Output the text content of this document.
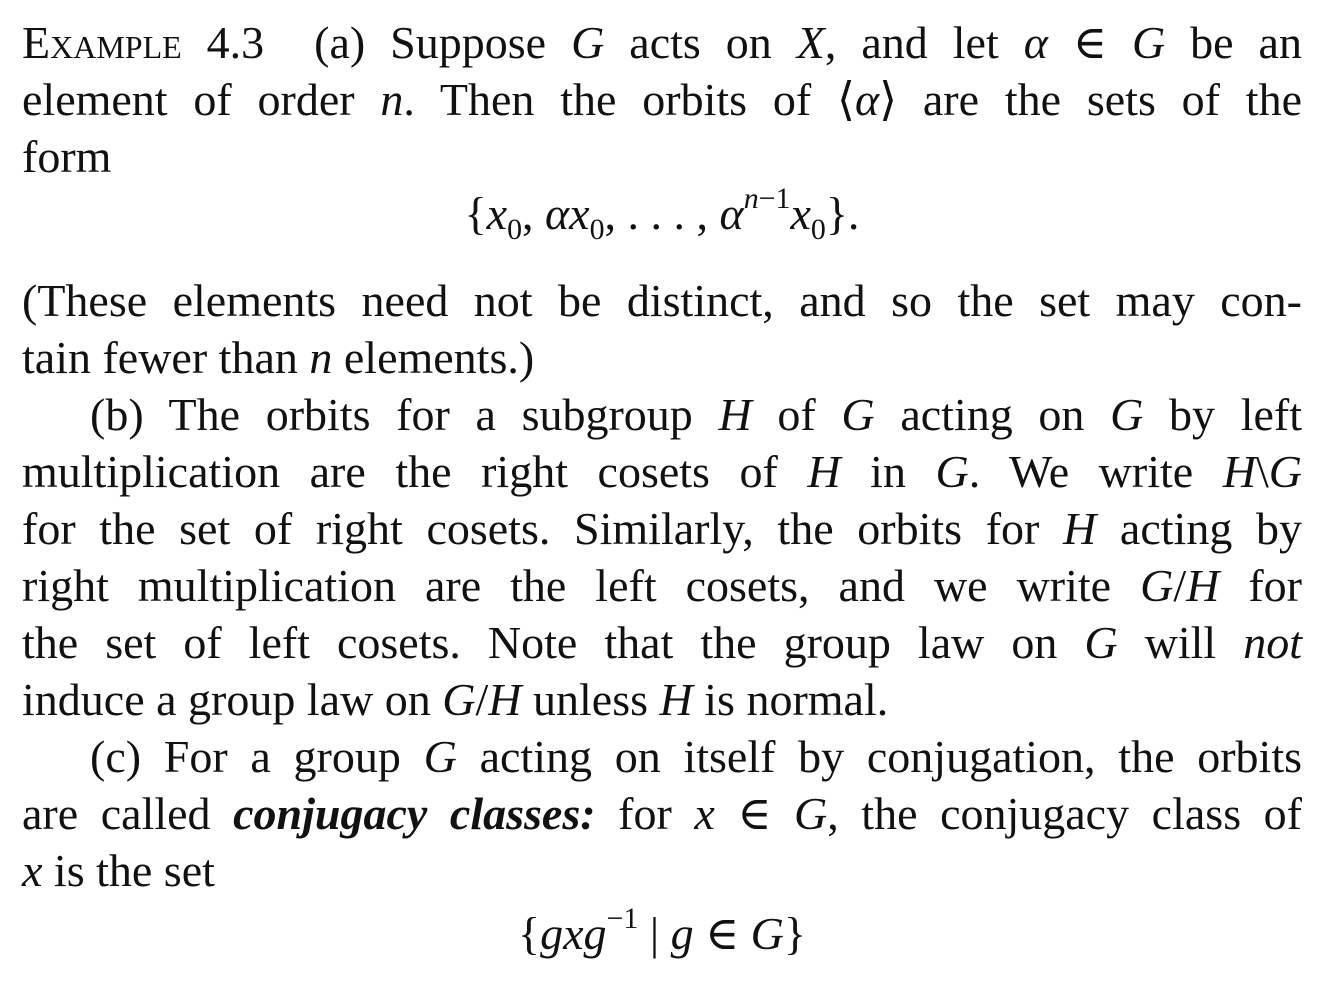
Example 4.3  (a) Suppose G acts on X, and let α ∈ G be an
element of order n. Then the orbits of ⟨α⟩ are the sets of the
form
{$x_0$, $\alpha x_0$, . . . , $\alpha^{n-1}x_0$}.
(These elements need not be distinct, and so the set may con-
tain fewer than n elements.)
(b) The orbits for a subgroup H of G acting on G by left
multiplication are the right cosets of H in G. We write H\G
for the set of right cosets. Similarly, the orbits for H acting by
right multiplication are the left cosets, and we write G/H for
the set of left cosets. Note that the group law on G will not
induce a group law on G/H unless H is normal.
(c) For a group G acting on itself by conjugation, the orbits
are called conjugacy classes: for x ∈ G, the conjugacy class of
x is the set
{gxg$^{-1}$ | g ∈ G}
